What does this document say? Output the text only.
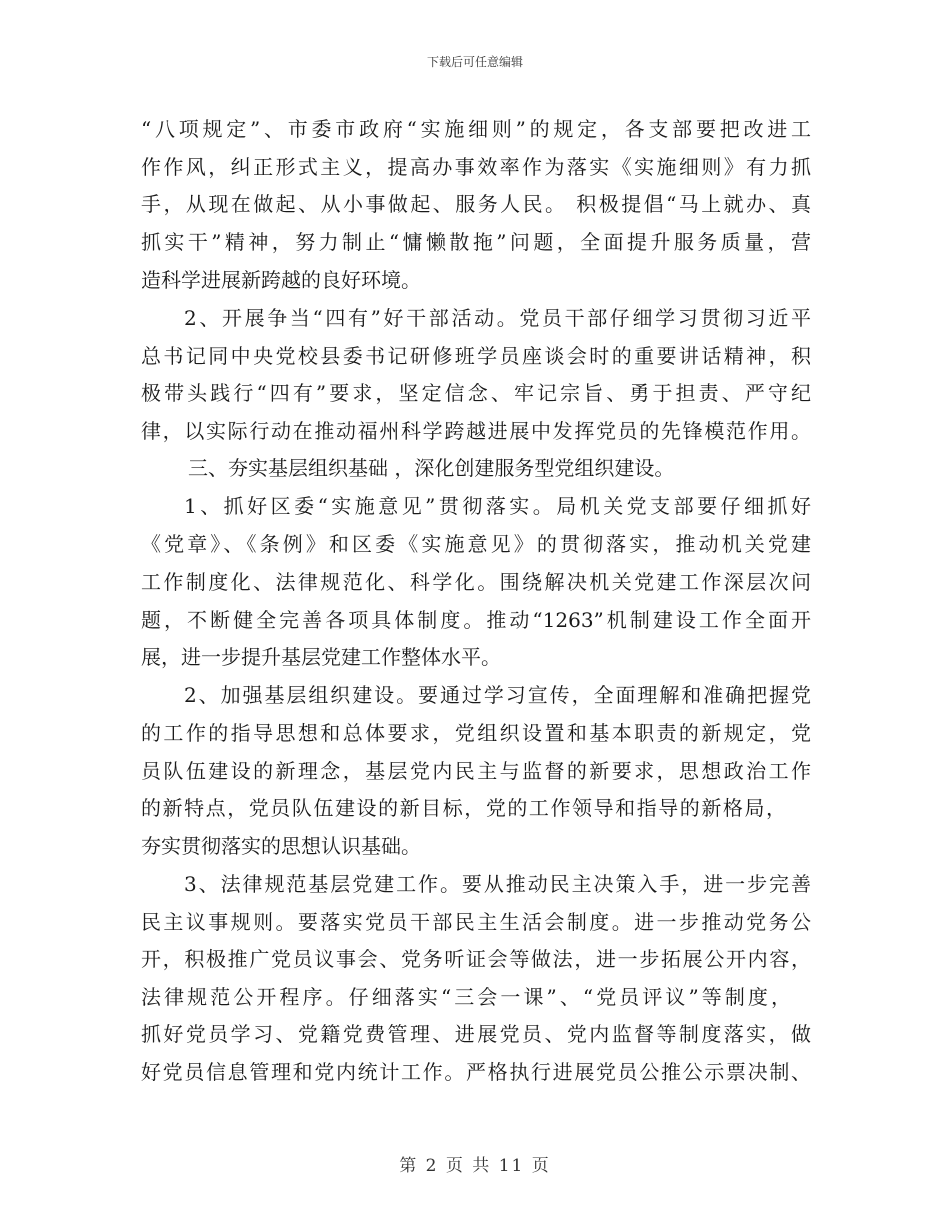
下载后可任意编辑
“八项规定”、市委市政府“实施细则”的规定，各支部要把改进工
作作风，纠正形式主义，提高办事效率作为落实《实施细则》有力抓
手，从现在做起、从小事做起、服务人民。 积极提倡“马上就办、真
抓实干”精神，努力制止“慵懒散拖”问题，全面提升服务质量，营
造科学进展新跨越的良好环境。
2、开展争当“四有”好干部活动。党员干部仔细学习贯彻习近平
总书记同中央党校县委书记研修班学员座谈会时的重要讲话精神，积
极带头践行“四有”要求，坚定信念、牢记宗旨、勇于担责、严守纪
律，以实际行动在推动福州科学跨越进展中发挥党员的先锋模范作用。
三、夯实基层组织基础 ，深化创建服务型党组织建设。
1、抓好区委“实施意见”贯彻落实。局机关党支部要仔细抓好
《党章》、《条例》和区委《实施意见》的贯彻落实，推动机关党建
工作制度化、法律规范化、科学化。围绕解决机关党建工作深层次问
题，不断健全完善各项具体制度。推动“1263”机制建设工作全面开
展，进一步提升基层党建工作整体水平。
2、加强基层组织建设。要通过学习宣传，全面理解和准确把握党
的工作的指导思想和总体要求，党组织设置和基本职责的新规定，党
员队伍建设的新理念，基层党内民主与监督的新要求，思想政治工作
的新特点，党员队伍建设的新目标，党的工作领导和指导的新格局，
夯实贯彻落实的思想认识基础。
3、法律规范基层党建工作。要从推动民主决策入手，进一步完善
民主议事规则。要落实党员干部民主生活会制度。进一步推动党务公
开，积极推广党员议事会、党务听证会等做法，进一步拓展公开内容，
法律规范公开程序。仔细落实“三会一课”、“党员评议”等制度，
抓好党员学习、党籍党费管理、进展党员、党内监督等制度落实，做
好党员信息管理和党内统计工作。严格执行进展党员公推公示票决制、
第 2 页 共 11 页
